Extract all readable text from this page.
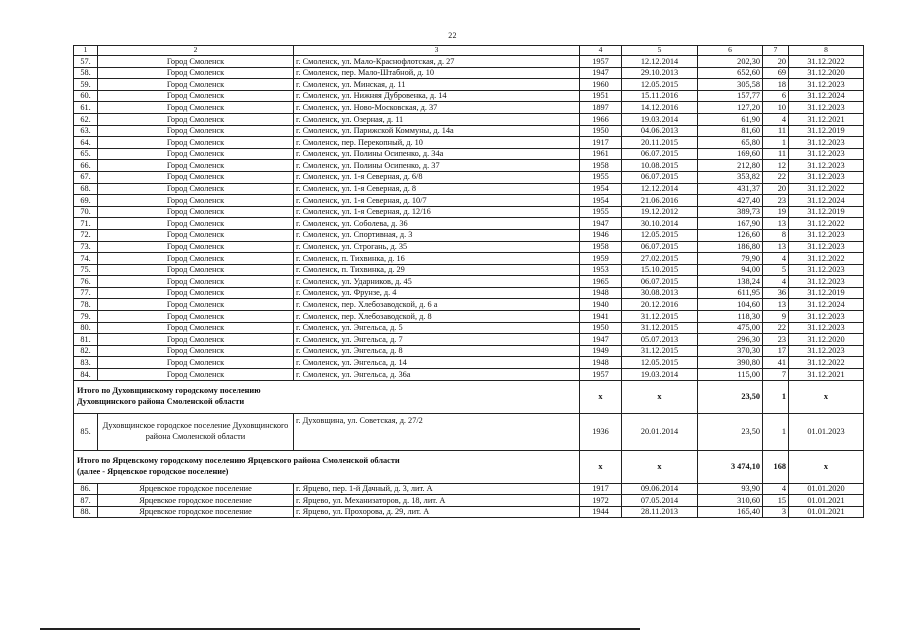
22
1	2	3	4	5	6	7	8
57.	Город Смоленск	г. Смоленск, ул. Мало-Краснофлотская, д. 27	1957	12.12.2014	202,30	20	31.12.2022
58.	Город Смоленск	г. Смоленск, пер. Мало-Штабной, д. 10	1947	29.10.2013	652,60	69	31.12.2020
59.	Город Смоленск	г. Смоленск, ул. Минская, д. 11	1960	12.05.2015	305,58	18	31.12.2023
60.	Город Смоленск	г. Смоленск, ул. Нижняя Дубровенка, д. 14	1951	15.11.2016	157,77	6	31.12.2024
61.	Город Смоленск	г. Смоленск, ул. Ново-Московская, д. 37	1897	14.12.2016	127,20	10	31.12.2023
62.	Город Смоленск	г. Смоленск, ул. Озерная, д. 11	1966	19.03.2014	61,90	4	31.12.2021
63.	Город Смоленск	г. Смоленск, ул. Парижской Коммуны, д. 14а	1950	04.06.2013	81,60	11	31.12.2019
64.	Город Смоленск	г. Смоленск, пер. Перекопный, д. 10	1917	20.11.2015	65,80	1	31.12.2023
65.	Город Смоленск	г. Смоленск, ул. Полины Осипенко, д. 34а	1961	06.07.2015	169,60	11	31.12.2023
66.	Город Смоленск	г. Смоленск, ул. Полины Осипенко, д. 37	1958	10.08.2015	212,80	12	31.12.2023
67.	Город Смоленск	г. Смоленск, ул. 1-я Северная, д. 6/8	1955	06.07.2015	353,82	22	31.12.2023
68.	Город Смоленск	г. Смоленск, ул. 1-я Северная, д. 8	1954	12.12.2014	431,37	20	31.12.2022
69.	Город Смоленск	г. Смоленск, ул. 1-я Северная, д. 10/7	1954	21.06.2016	427,40	23	31.12.2024
70.	Город Смоленск	г. Смоленск, ул. 1-я Северная, д. 12/16	1955	19.12.2012	389,73	19	31.12.2019
71.	Город Смоленск	г. Смоленск, ул. Соболева, д. 36	1947	30.10.2014	167,90	13	31.12.2022
72.	Город Смоленск	г. Смоленск, ул. Спортивная, д. 3	1946	12.05.2015	126,60	8	31.12.2023
73.	Город Смоленск	г. Смоленск, ул. Строгань, д. 35	1958	06.07.2015	186,80	13	31.12.2023
74.	Город Смоленск	г. Смоленск, п. Тихвинка, д. 16	1959	27.02.2015	79,90	4	31.12.2022
75.	Город Смоленск	г. Смоленск, п. Тихвинка, д. 29	1953	15.10.2015	94,00	5	31.12.2023
76.	Город Смоленск	г. Смоленск, ул. Ударников, д. 45	1965	06.07.2015	138,24	4	31.12.2023
77.	Город Смоленск	г. Смоленск, ул. Фрунзе, д. 4	1948	30.08.2013	611,95	36	31.12.2019
78.	Город Смоленск	г. Смоленск, пер. Хлебозаводской, д. 6 а	1940	20.12.2016	104,60	13	31.12.2024
79.	Город Смоленск	г. Смоленск, пер. Хлебозаводской, д. 8	1941	31.12.2015	118,30	9	31.12.2023
80.	Город Смоленск	г. Смоленск, ул. Энгельса, д. 5	1950	31.12.2015	475,00	22	31.12.2023
81.	Город Смоленск	г. Смоленск, ул. Энгельса, д. 7	1947	05.07.2013	296,30	23	31.12.2020
82.	Город Смоленск	г. Смоленск, ул. Энгельса, д. 8	1949	31.12.2015	370,30	17	31.12.2023
83.	Город Смоленск	г. Смоленск, ул. Энгельса, д. 14	1948	12.05.2015	390,80	41	31.12.2022
84.	Город Смоленск	г. Смоленск, ул. Энгельса, д. 36а	1957	19.03.2014	115,00	7	31.12.2021
Итого по Духовщинскому городскому поселению
Духовщинского района Смоленской области			х	х	23,50	1	х
85.	Духовщинское городское поселение Духовщинского района Смоленской области	г. Духовщина, ул. Советская, д. 27/2	1936	20.01.2014	23,50	1	01.01.2023
Итого по Ярцевскому городскому поселению Ярцевского района Смоленской области
(далее - Ярцевское городское поселение)			х	х	3 474,10	168	х
86.	Ярцевское городское поселение	г. Ярцево, пер. 1-й Дачный, д. 3, лит. А	1917	09.06.2014	93,90	4	01.01.2020
87.	Ярцевское городское поселение	г. Ярцево, ул. Механизаторов, д. 18, лит. А	1972	07.05.2014	310,60	15	01.01.2021
88.	Ярцевское городское поселение	г. Ярцево, ул. Прохорова, д. 29, лит. А	1944	28.11.2013	165,40	3	01.01.2021
